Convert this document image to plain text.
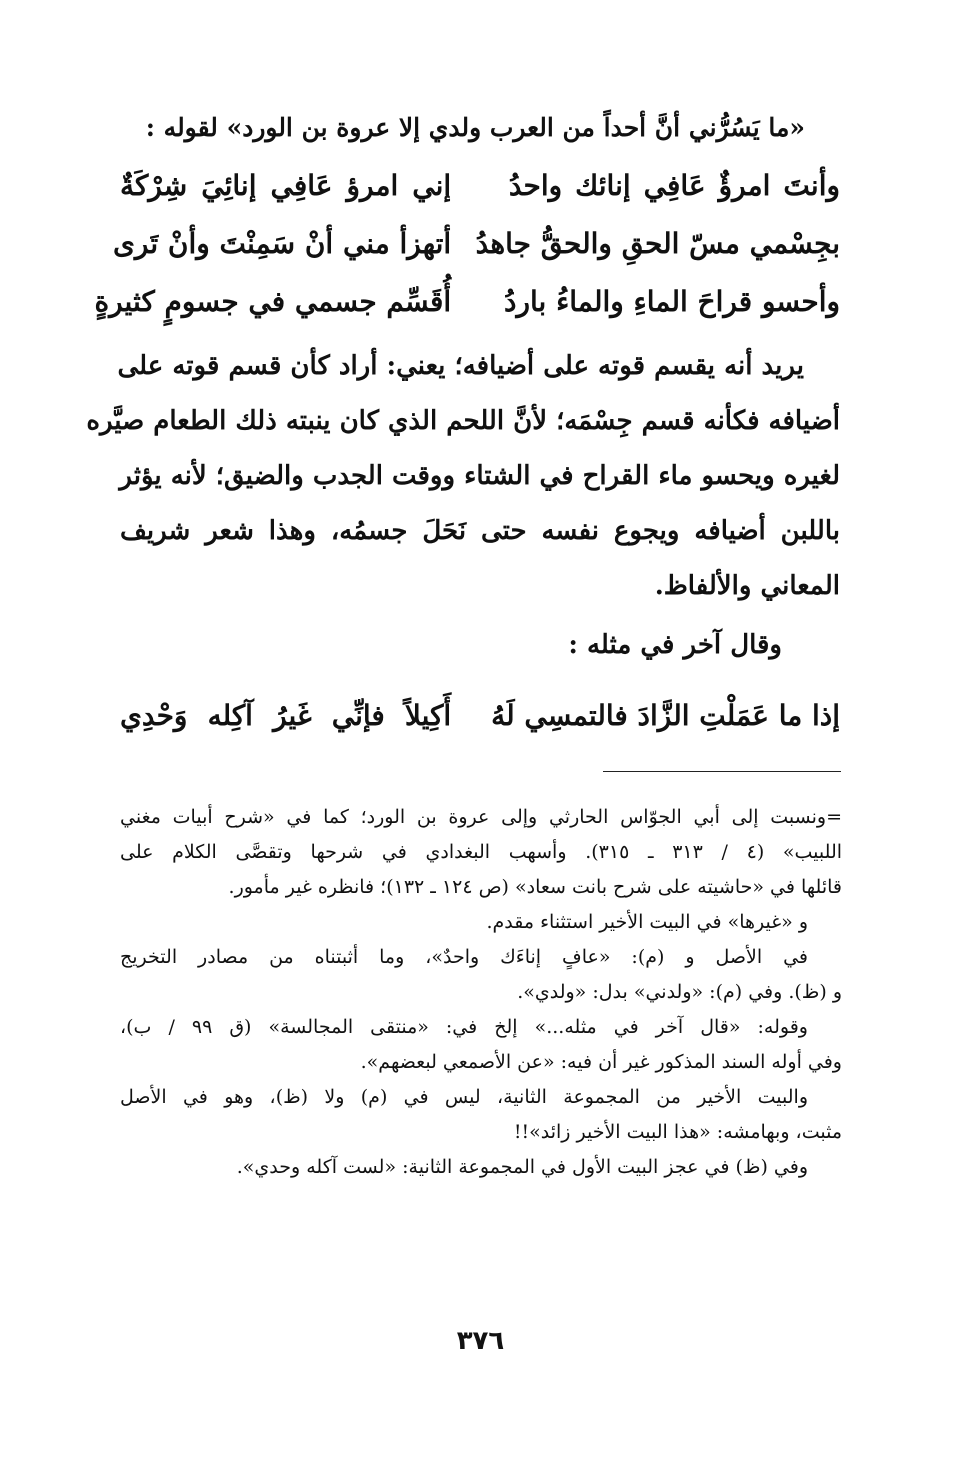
«ما يَسُرُّني أنَّ أحداً من العرب ولدي إلا عروة بن الورد» لقوله :
وأنتَ امرؤٌ عَافِي إنائك واحدُ
إني امرؤ عَافِي إنائِيَ شِرْكَةٌ
بجِسْمي مسّ الحقِ والحقُّ جاهدُ
أتهزأ مني أنْ سَمِنْتَ وأنْ تَرى
وأحسو قراحَ الماءِ والماءُ باردُ
أُقَسِّم جسمي في جسومٍ كثيرةٍ
يريد أنه يقسم قوته على أضيافه؛ يعني: أراد كأن قسم قوته على
أضيافه فكأنه قسم جِسْمَه؛ لأنَّ اللحم الذي كان ينبته ذلك الطعام صيَّره
لغيره ويحسو ماء القراح في الشتاء ووقت الجدب والضيق؛ لأنه يؤثر
باللبن أضيافه ويجوع نفسه حتى نَحَلَ جسمُه، وهذا شعر شريف
المعاني والألفاظ.
وقال آخر في مثله :
إذا ما عَمَلْتِ الزَّادَ فالتمسِي لَهُ
أَكِيلاً فإنِّي غَيرُ آكِله وَحْدِي
=ونسبت إلى أبي الجوّاس الحارثي وإلى عروة بن الورد؛ كما في «شرح أبيات مغني
اللبيب» (٤ / ٣١٣ ـ ٣١٥). وأسهب البغدادي في شرحها وتقصَّى الكلام على
قائلها في «حاشيته على شرح بانت سعاد» (ص ١٢٤ ـ ١٣٢)؛ فانظره غير مأمور.
و «غيرها» في البيت الأخير استثناء مقدم.
في الأصل و (م): «عافٍ إناءَك واحدٌ»، وما أثبتناه من مصادر التخريج
و (ظ). وفي (م): «ولدني» بدل: «ولدي».
وقوله: «قال آخر في مثله...» إلخ في: «منتقى المجالسة» (ق ٩٩ / ب)،
وفي أوله السند المذكور غير أن فيه: «عن الأصمعي لبعضهم».
والبيت الأخير من المجموعة الثانية، ليس في (م) ولا (ظ)، وهو في الأصل
مثبت، وبهامشه: «هذا البيت الأخير زائد»!!
وفي (ظ) في عجز البيت الأول في المجموعة الثانية: «لست آكله وحدي».
٣٧٦
